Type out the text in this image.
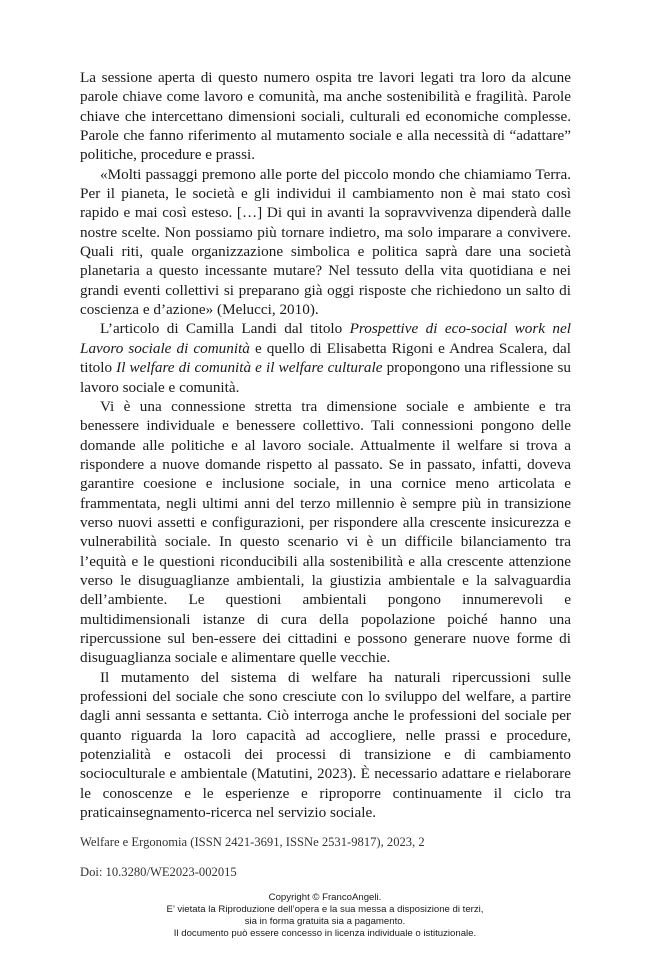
La sessione aperta di questo numero ospita tre lavori legati tra loro da alcune parole chiave come lavoro e comunità, ma anche sostenibilità e fragilità. Parole chiave che intercettano dimensioni sociali, culturali ed economiche complesse. Parole che fanno riferimento al mutamento sociale e alla necessità di “adattare” politiche, procedure e prassi.

«Molti passaggi premono alle porte del piccolo mondo che chiamiamo Terra. Per il pianeta, le società e gli individui il cambiamento non è mai stato così rapido e mai così esteso. […] Di qui in avanti la sopravvivenza dipenderà dalle nostre scelte. Non possiamo più tornare indietro, ma solo imparare a convivere. Quali riti, quale organizzazione simbolica e politica saprà dare una società planetaria a questo incessante mutare? Nel tessuto della vita quotidiana e nei grandi eventi collettivi si preparano già oggi risposte che richiedono un salto di coscienza e d’azione» (Melucci, 2010).

L’articolo di Camilla Landi dal titolo Prospettive di eco-social work nel Lavoro sociale di comunità e quello di Elisabetta Rigoni e Andrea Scalera, dal titolo Il welfare di comunità e il welfare culturale propongono una riflessione su lavoro sociale e comunità.

Vi è una connessione stretta tra dimensione sociale e ambiente e tra benessere individuale e benessere collettivo. Tali connessioni pongono delle domande alle politiche e al lavoro sociale. Attualmente il welfare si trova a rispondere a nuove domande rispetto al passato. Se in passato, infatti, doveva garantire coesione e inclusione sociale, in una cornice meno articolata e frammentata, negli ultimi anni del terzo millennio è sempre più in transizione verso nuovi assetti e configurazioni, per rispondere alla crescente insicurezza e vulnerabilità sociale. In questo scenario vi è un difficile bilanciamento tra l’equità e le questioni riconducibili alla sostenibilità e alla crescente attenzione verso le disuguaglianze ambientali, la giustizia ambientale e la salvaguardia dell’ambiente. Le questioni ambientali pongono innumerevoli e multidimensionali istanze di cura della popolazione poiché hanno una ripercussione sul ben-essere dei cittadini e possono generare nuove forme di disuguaglianza sociale e alimentare quelle vecchie.

Il mutamento del sistema di welfare ha naturali ripercussioni sulle professioni del sociale che sono cresciute con lo sviluppo del welfare, a partire dagli anni sessanta e settanta. Ciò interroga anche le professioni del sociale per quanto riguarda la loro capacità ad accogliere, nelle prassi e procedure, potenzialità e ostacoli dei processi di transizione e di cambiamento socioculturale e ambientale (Matutini, 2023). È necessario adattare e rielaborare le conoscenze e le esperienze e riproporre continuamente il ciclo tra praticainsegnamento-ricerca nel servizio sociale.

Welfare e Ergonomia (ISSN 2421-3691, ISSNe 2531-9817), 2023, 2
Doi: 10.3280/WE2023-002015
Copyright © FrancoAngeli.
E’ vietata la Riproduzione dell’opera e la sua messa a disposizione di terzi,
sia in forma gratuita sia a pagamento.
Il documento può essere concesso in licenza individuale o istituzionale.
